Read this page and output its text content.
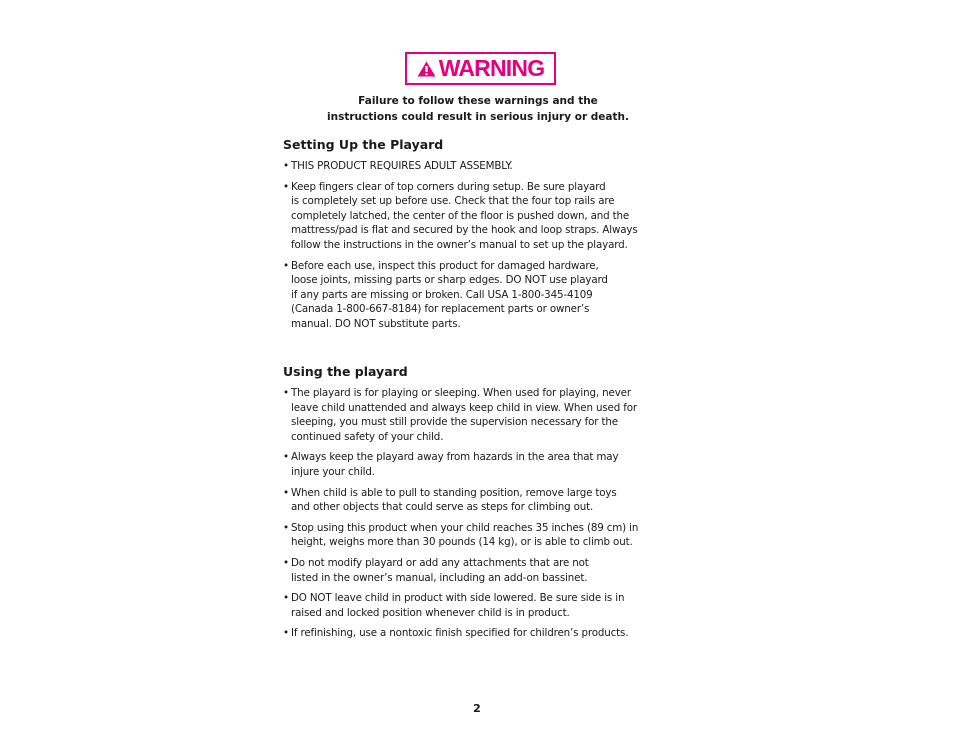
WARNING
Failure to follow these warnings and the
instructions could result in serious injury or death.
Setting Up the Playard
• THIS PRODUCT REQUIRES ADULT ASSEMBLY.
• Keep fingers clear of top corners during setup. Be sure playard
is completely set up before use. Check that the four top rails are
completely latched, the center of the floor is pushed down, and the
mattress/pad is flat and secured by the hook and loop straps. Always
follow the instructions in the owner’s manual to set up the playard.
• Before each use, inspect this product for damaged hardware,
loose joints, missing parts or sharp edges. DO NOT use playard
if any parts are missing or broken. Call USA 1-800-345-4109
(Canada 1-800-667-8184) for replacement parts or owner’s
manual. DO NOT substitute parts.
Using the playard
• The playard is for playing or sleeping. When used for playing, never
leave child unattended and always keep child in view. When used for
sleeping, you must still provide the supervision necessary for the
continued safety of your child.
• Always keep the playard away from hazards in the area that may
injure your child.
• When child is able to pull to standing position, remove large toys
and other objects that could serve as steps for climbing out.
• Stop using this product when your child reaches 35 inches (89 cm) in
height, weighs more than 30 pounds (14 kg), or is able to climb out.
• Do not modify playard or add any attachments that are not
listed in the owner’s manual, including an add-on bassinet.
• DO NOT leave child in product with side lowered. Be sure side is in
raised and locked position whenever child is in product.
• If refinishing, use a nontoxic finish specified for children’s products.
2
